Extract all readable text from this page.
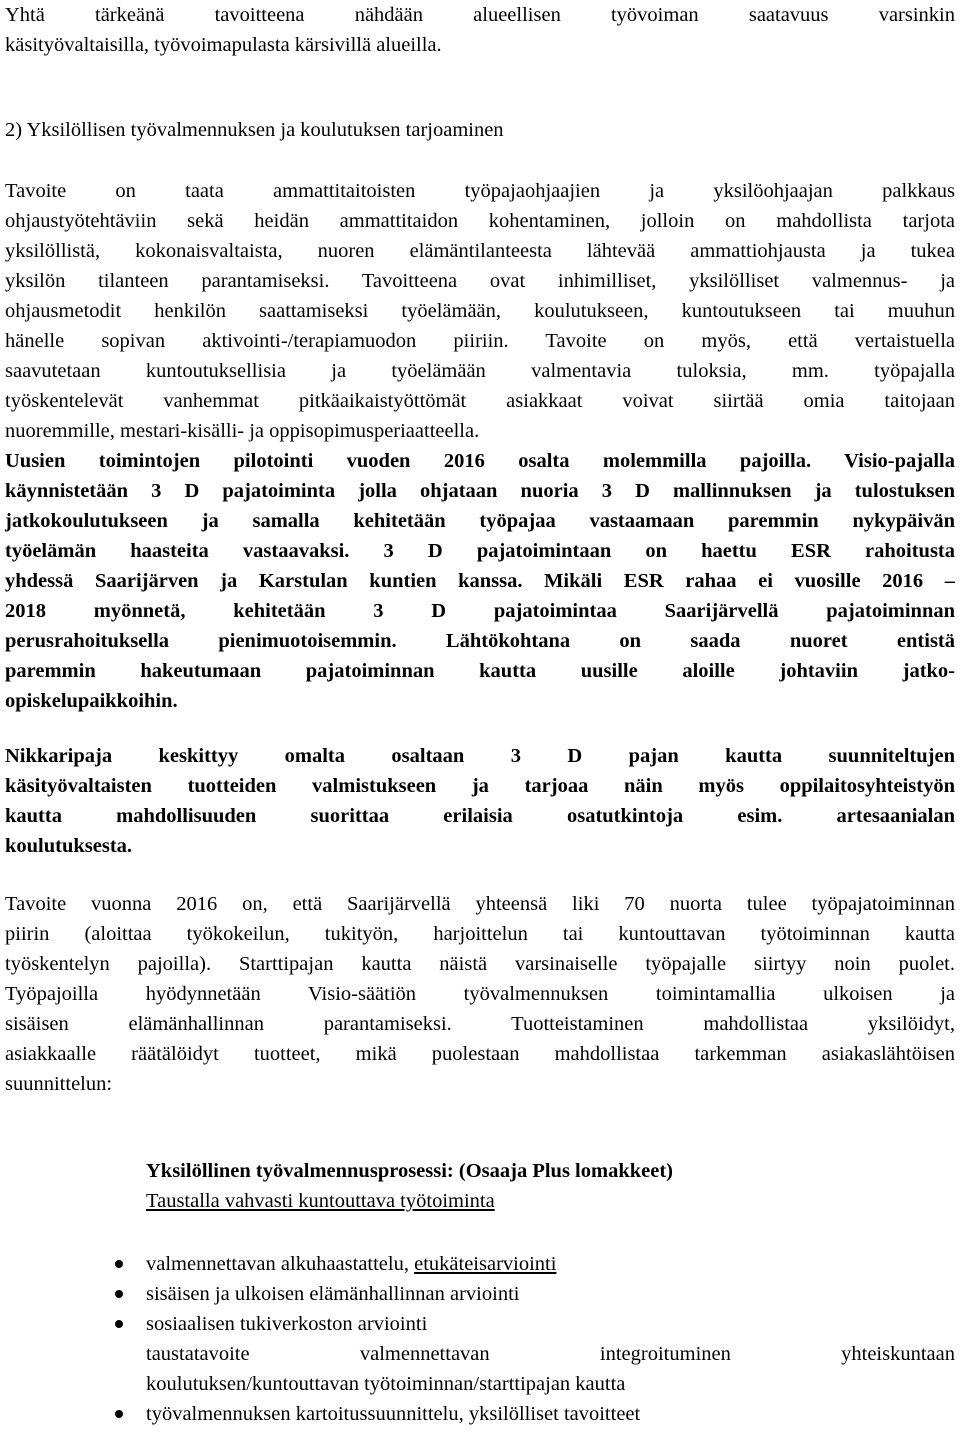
Yhtä tärkeänä tavoitteena nähdään alueellisen työvoiman saatavuus varsinkin
käsityövaltaisilla, työvoimapulasta kärsivillä alueilla.
2) Yksilöllisen työvalmennuksen ja koulutuksen tarjoaminen
Tavoite on taata ammattitaitoisten työpajaohjaajien ja yksilöohjaajan palkkaus
ohjaustyötehtäviin sekä heidän ammattitaidon kohentaminen, jolloin on mahdollista tarjota
yksilöllistä, kokonaisvaltaista, nuoren elämäntilanteesta lähtevää ammattiohjausta ja tukea
yksilön tilanteen parantamiseksi. Tavoitteena ovat inhimilliset, yksilölliset valmennus- ja
ohjausmetodit henkilön saattamiseksi työelämään, koulutukseen, kuntoutukseen tai muuhun
hänelle sopivan aktivointi-/terapiamuodon piiriin. Tavoite on myös, että vertaistuella
saavutetaan kuntoutuksellisia ja työelämään valmentavia tuloksia, mm. työpajalla
työskentelevät vanhemmat pitkäaikaistyöttömät asiakkaat voivat siirtää omia taitojaan
nuoremmille, mestari-kisälli- ja oppisopimusperiaatteella.
Uusien toimintojen pilotointi vuoden 2016 osalta molemmilla pajoilla. Visio-pajalla
käynnistetään 3 D pajatoiminta jolla ohjataan nuoria 3 D mallinnuksen ja tulostuksen
jatkokoulutukseen ja samalla kehitetään työpajaa vastaamaan paremmin nykypäivän
työelämän haasteita vastaavaksi. 3 D pajatoimintaan on haettu ESR rahoitusta
yhdessä Saarijärven ja Karstulan kuntien kanssa. Mikäli ESR rahaa ei vuosille 2016 –
2018 myönnetä, kehitetään 3 D pajatoimintaa Saarijärvellä pajatoiminnan
perusrahoituksella pienimuotoisemmin. Lähtökohtana on saada nuoret entistä
paremmin hakeutumaan pajatoiminnan kautta uusille aloille johtaviin jatko-
opiskelupaikkoihin.
Nikkaripaja keskittyy omalta osaltaan 3 D pajan kautta suunniteltujen
käsityövaltaisten tuotteiden valmistukseen ja tarjoaa näin myös oppilaitosyhteistyön
kautta mahdollisuuden suorittaa erilaisia osatutkintoja esim. artesaanialan
koulutuksesta.
Tavoite vuonna 2016 on, että Saarijärvellä yhteensä liki 70 nuorta tulee työpajatoiminnan
piirin (aloittaa työkokeilun, tukityön, harjoittelun tai kuntouttavan työtoiminnan kautta
työskentelyn pajoilla). Starttipajan kautta näistä varsinaiselle työpajalle siirtyy noin puolet.
Työpajoilla hyödynnetään Visio-säätiön työvalmennuksen toimintamallia ulkoisen ja
sisäisen elämänhallinnan parantamiseksi. Tuotteistaminen mahdollistaa yksilöidyt,
asiakkaalle räätälöidyt tuotteet, mikä puolestaan mahdollistaa tarkemman asiakaslähtöisen
suunnittelun:
Yksilöllinen työvalmennusprosessi: (Osaaja Plus lomakkeet)
Taustalla vahvasti kuntouttava työtoiminta
valmennettavan alkuhaastattelu, etukäteisarviointi
sisäisen ja ulkoisen elämänhallinnan arviointi
sosiaalisen tukiverkoston arviointi
taustatavoite valmennettavan integroituminen yhteiskuntaan
koulutuksen/kuntouttavan työtoiminnan/starttipajan kautta
työvalmennuksen kartoitussuunnittelu, yksilölliset tavoitteet
